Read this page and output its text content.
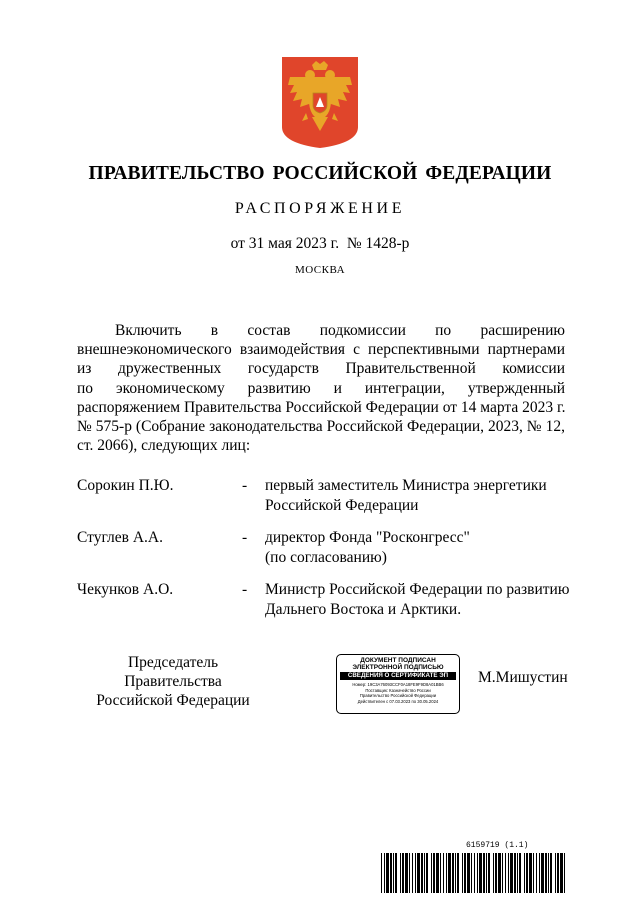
ПРАВИТЕЛЬСТВО РОССИЙСКОЙ ФЕДЕРАЦИИ
РАСПОРЯЖЕНИЕ
от 31 мая 2023 г. № 1428-р
МОСКВА
Включить в состав подкомиссии по расширению
внешнеэкономического взаимодействия с перспективными партнерами
из дружественных государств Правительственной комиссии
по экономическому развитию и интеграции, утвержденный
распоряжением Правительства Российской Федерации от 14 марта 2023 г.
№ 575-р (Собрание законодательства Российской Федерации, 2023, № 12,
ст. 2066), следующих лиц:
Сорокин П.Ю.	- первый заместитель Министра энергетики
Российской Федерации
Стуглев А.А.	- директор Фонда "Росконгресс"
(по согласованию)
Чекунков А.О.	- Министр Российской Федерации по развитию
Дальнего Востока и Арктики.
Председатель Правительства
Российской Федерации
ДОКУМЕНТ ПОДПИСАН
ЭЛЕКТРОННОЙ ПОДПИСЬЮ
СВЕДЕНИЯ О СЕРТИФИКАТЕ ЭП
Номер: 19C3A76093CCF0A18FE9F9D8A01BB6
Поставщик: Казначейство России
Правительство Российской Федерации
Действителен с 07.03.2023 по 30.05.2024
М.Мишустин
6159719 (1.1)
